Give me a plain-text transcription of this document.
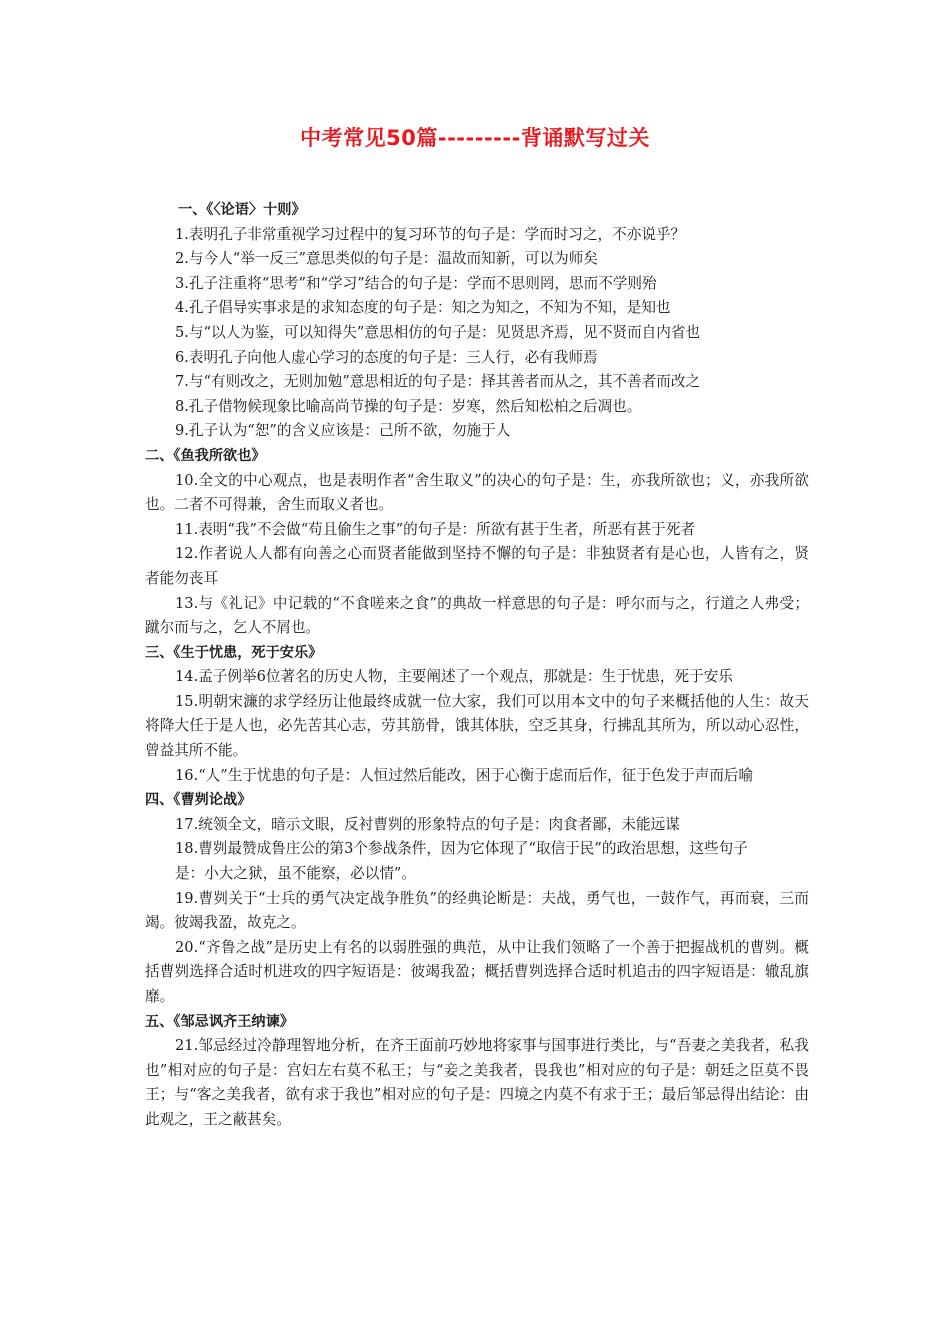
中考常见50篇---------背诵默写过关

一、《〈论语〉十则》

1.表明孔子非常重视学习过程中的复习环节的句子是：学而时习之，不亦说乎？

2.与今人“举一反三”意思类似的句子是：温故而知新，可以为师矣

3.孔子注重将“思考”和“学习”结合的句子是：学而不思则罔，思而不学则殆

4.孔子倡导实事求是的求知态度的句子是：知之为知之，不知为不知，是知也

5.与“以人为鉴，可以知得失”意思相仿的句子是：见贤思齐焉，见不贤而自内省也

6.表明孔子向他人虚心学习的态度的句子是：三人行，必有我师焉

7.与“有则改之，无则加勉”意思相近的句子是：择其善者而从之，其不善者而改之

8.孔子借物候现象比喻高尚节操的句子是：岁寒，然后知松柏之后凋也。

9.孔子认为“恕”的含义应该是：己所不欲，勿施于人

二、《鱼我所欲也》

10.全文的中心观点，也是表明作者“舍生取义”的决心的句子是：生，亦我所欲也；义，亦我所欲也。二者不可得兼，舍生而取义者也。

11.表明“我”不会做“苟且偷生之事”的句子是：所欲有甚于生者，所恶有甚于死者

12.作者说人人都有向善之心而贤者能做到坚持不懈的句子是：非独贤者有是心也，人皆有之，贤者能勿丧耳

13.与《礼记》中记载的“不食嗟来之食”的典故一样意思的句子是：呼尔而与之，行道之人弗受；蹴尔而与之，乞人不屑也。

三、《生于忧患，死于安乐》

14.孟子例举6位著名的历史人物，主要阐述了一个观点，那就是：生于忧患，死于安乐

15.明朝宋濂的求学经历让他最终成就一位大家，我们可以用本文中的句子来概括他的人生：故天将降大任于是人也，必先苦其心志，劳其筋骨，饿其体肤，空乏其身，行拂乱其所为，所以动心忍性，曾益其所不能。

16.“人”生于忧患的句子是：人恒过然后能改，困于心衡于虑而后作，征于色发于声而后喻

四、《曹刿论战》

17.统领全文，暗示文眼，反衬曹刿的形象特点的句子是：肉食者鄙，未能远谋

18.曹刿最赞成鲁庄公的第3个参战条件，因为它体现了“取信于民”的政治思想，这些句子

是：小大之狱，虽不能察，必以情”。

19.曹刿关于“士兵的勇气决定战争胜负”的经典论断是：夫战，勇气也，一鼓作气，再而衰，三而竭。彼竭我盈，故克之。

20.“齐鲁之战”是历史上有名的以弱胜强的典范，从中让我们领略了一个善于把握战机的曹刿。概括曹刿选择合适时机进攻的四字短语是：彼竭我盈；概括曹刿选择合适时机追击的四字短语是：辙乱旗靡。

五、《邹忌讽齐王纳谏》

21.邹忌经过冷静理智地分析，在齐王面前巧妙地将家事与国事进行类比，与“吾妻之美我者，私我也”相对应的句子是：宫妇左右莫不私王；与“妾之美我者，畏我也”相对应的句子是：朝廷之臣莫不畏王；与“客之美我者，欲有求于我也”相对应的句子是：四境之内莫不有求于王；最后邹忌得出结论：由此观之，王之蔽甚矣。
